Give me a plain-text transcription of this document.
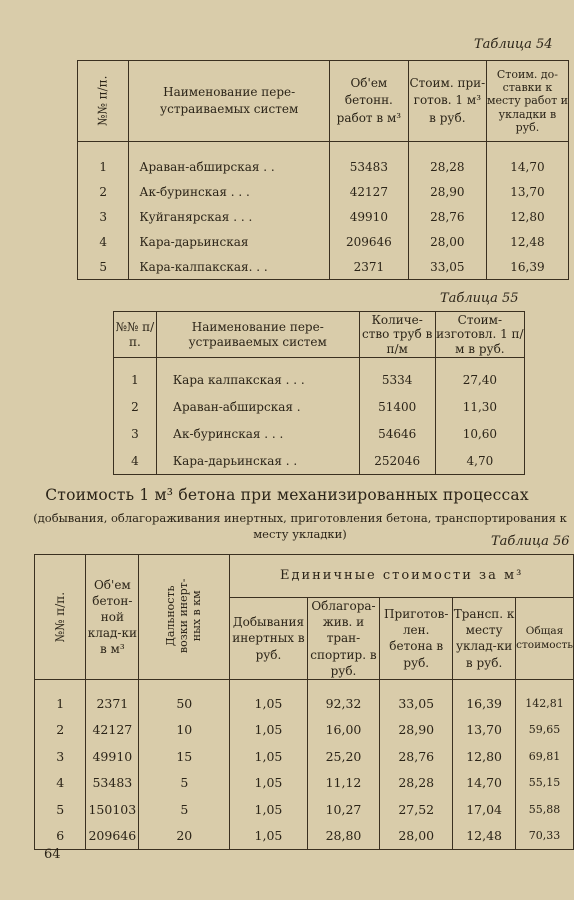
Таблица 54
№№ п/п.	Наименование пере-устраиваемых систем	Об'ем бетонн. работ в м³	Стоим. при-готов. 1 м³ в руб.	Стоим. до-ставки к месту работ и укладки в руб.
1	Араван-абширская . .	53483	28,28	14,70
2	Ак-буринская . . .	42127	28,90	13,70
3	Куйганярская . . .	49910	28,76	12,80
4	Кара-дарьинская	209646	28,00	12,48
5	Кара-калпакская. . .	2371	33,05	16,39
Таблица 55
№№ п/п.	Наименование пере-устраиваемых систем	Количе-ство труб в п/м	Стоим-изготовл. 1 п/м в руб.
1	Кара калпакская . . .	5334	27,40
2	Араван-абширская .	51400	11,30
3	Ак-буринская . . .	54646	10,60
4	Кара-дарьинская . .	252046	4,70
Стоимость 1 м³ бетона при механизированных процессах
(добывания, облагораживания инертных, приготовления бетона, транспортирования к месту укладки)
Таблица 56
№№ п/п.	Об'ем бетон-ной клад-ки в м³	Дальность возки инерт-ных в км	Единичные стоимости за м³				
			Добывания инертных в руб.	Облагора-жив. и тран-спортир. в руб.	Приготов-лен. бетона в руб.	Трансп. к месту уклад-ки в руб.	Общая стоимость
1	2371	50	1,05	92,32	33,05	16,39	142,81
2	42127	10	1,05	16,00	28,90	13,70	59,65
3	49910	15	1,05	25,20	28,76	12,80	69,81
4	53483	5	1,05	11,12	28,28	14,70	55,15
5	150103	5	1,05	10,27	27,52	17,04	55,88
6	209646	20	1,05	28,80	28,00	12,48	70,33
64
